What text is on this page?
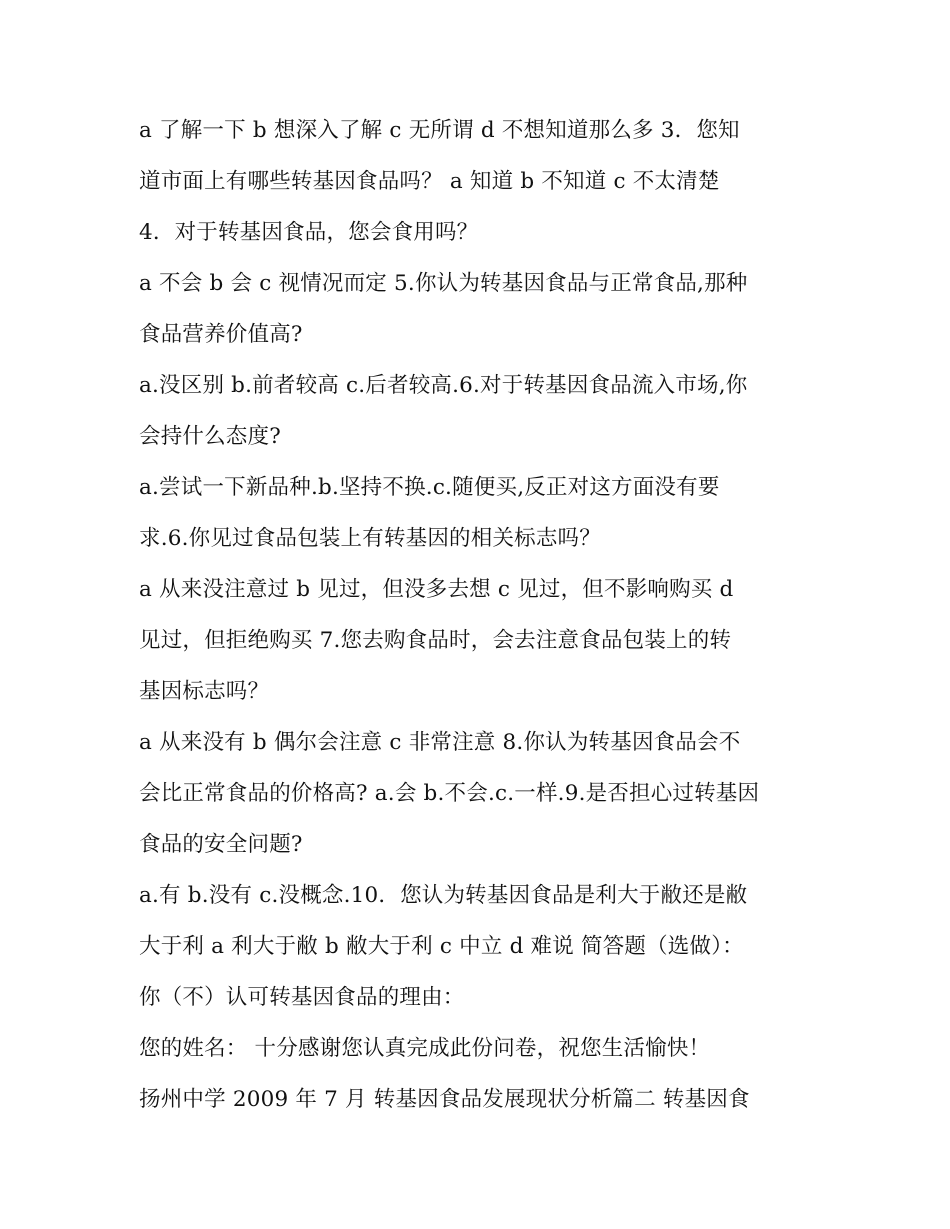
a 了解一下 b 想深入了解 c 无所谓 d 不想知道那么多 3．您知
道市面上有哪些转基因食品吗？ a 知道 b 不知道 c 不太清楚
4．对于转基因食品，您会食用吗？
a 不会 b 会 c 视情况而定 5.你认为转基因食品与正常食品,那种
食品营养价值高?
a.没区别 b.前者较高 c.后者较高.6.对于转基因食品流入市场,你
会持什么态度?
a.尝试一下新品种.b.坚持不换.c.随便买,反正对这方面没有要
求.6.你见过食品包装上有转基因的相关标志吗？
a 从来没注意过 b 见过，但没多去想 c 见过，但不影响购买 d
见过，但拒绝购买 7.您去购食品时，会去注意食品包装上的转
基因标志吗？
a 从来没有 b 偶尔会注意 c 非常注意 8.你认为转基因食品会不
会比正常食品的价格高? a.会 b.不会.c.一样.9.是否担心过转基因
食品的安全问题?
a.有 b.没有 c.没概念.10．您认为转基因食品是利大于敝还是敝
大于利 a 利大于敝 b 敝大于利 c 中立 d 难说 简答题（选做）：
你（不）认可转基因食品的理由：
您的姓名： 十分感谢您认真完成此份问卷，祝您生活愉快！
扬州中学 2009 年 7 月 转基因食品发展现状分析篇二 转基因食
